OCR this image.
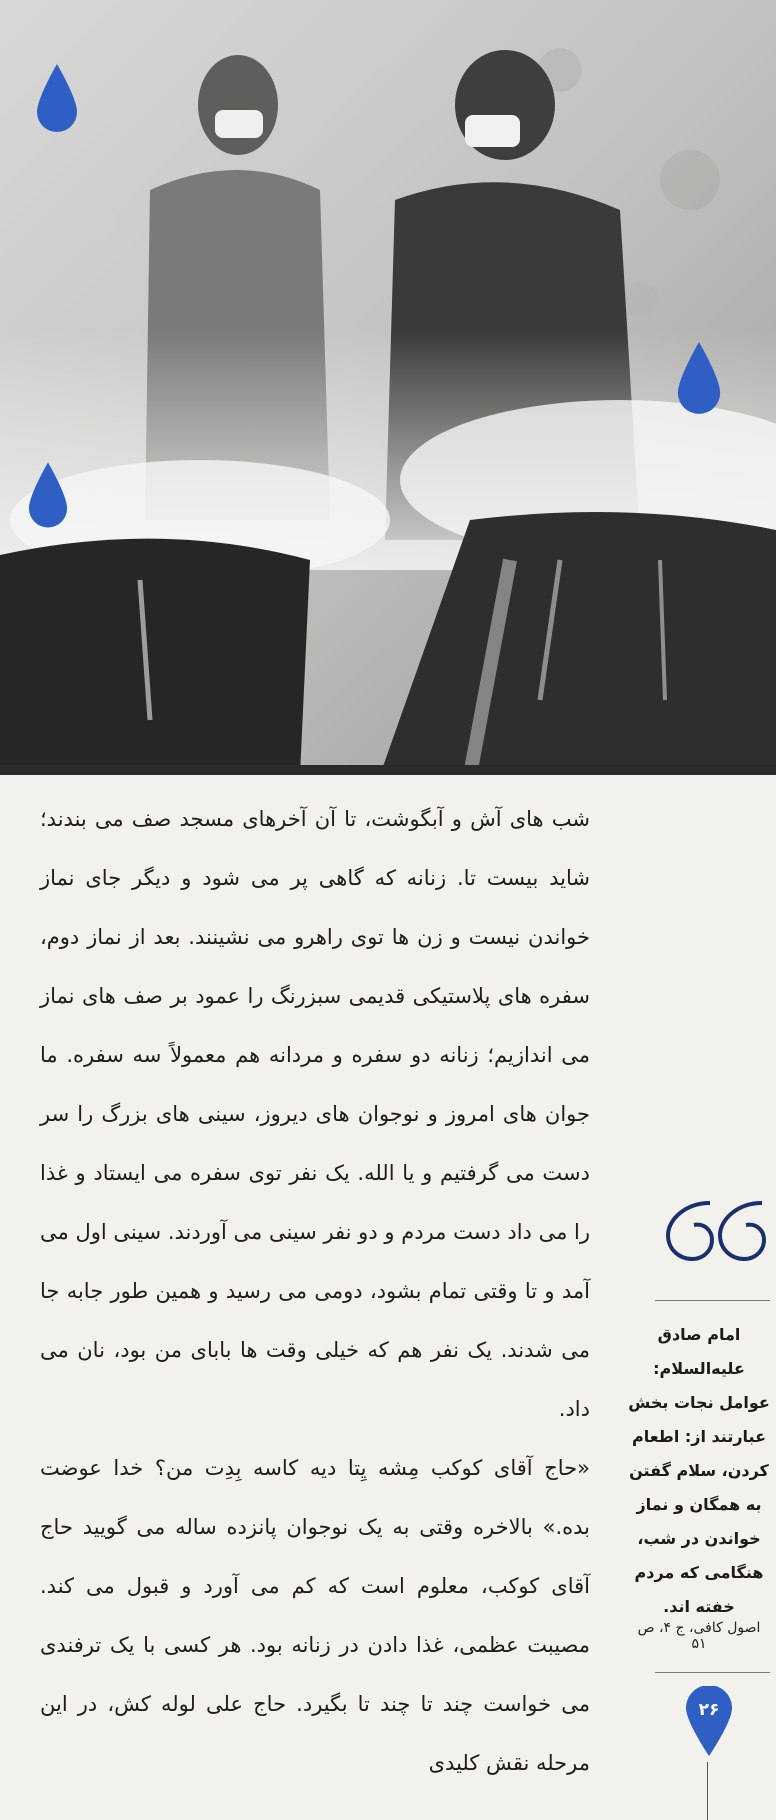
شب های آش و آبگوشت، تا آن آخرهای مسجد صف می بندند؛ شاید بیست تا. زنانه که گاهی پر می شود و دیگر جای نماز خواندن نیست و زن ها توی راهرو می نشینند. بعد از نماز دوم، سفره های پلاستیکی قدیمی سبزرنگ را عمود بر صف های نماز می اندازیم؛ زنانه دو سفره و مردانه هم معمولاً سه سفره. ما جوان های امروز و نوجوان های دیروز، سینی های بزرگ را سر دست می گرفتیم و یا الله. یک نفر توی سفره می ایستاد و غذا را می داد دست مردم و دو نفر سینی می آوردند. سینی اول می آمد و تا وقتی تمام بشود، دومی می رسید و همین طور جابه جا می شدند. یک نفر هم که خیلی وقت ها بابای من بود، نان می داد.

«حاج آقای کوکب مِشه یِتا دیه کاسه بِدِت من؟ خدا عوضت بده.» بالاخره وقتی به یک نوجوان پانزده ساله می گویید حاج آقای کوکب، معلوم است که کم می آورد و قبول می کند. مصیبت عظمی، غذا دادن در زنانه بود. هر کسی با یک ترفندی می خواست چند تا چند تا بگیرد. حاج علی لوله کش، در این مرحله نقش کلیدی

امام صادق علیه‌السلام: عوامل نجات بخش عبارتند از: اطعام کردن، سلام گفتن به همگان و نماز خواندن در شب، هنگامی که مردم خفته اند.
اصول کافی، ج ۴، ص ۵۱
۲۶
